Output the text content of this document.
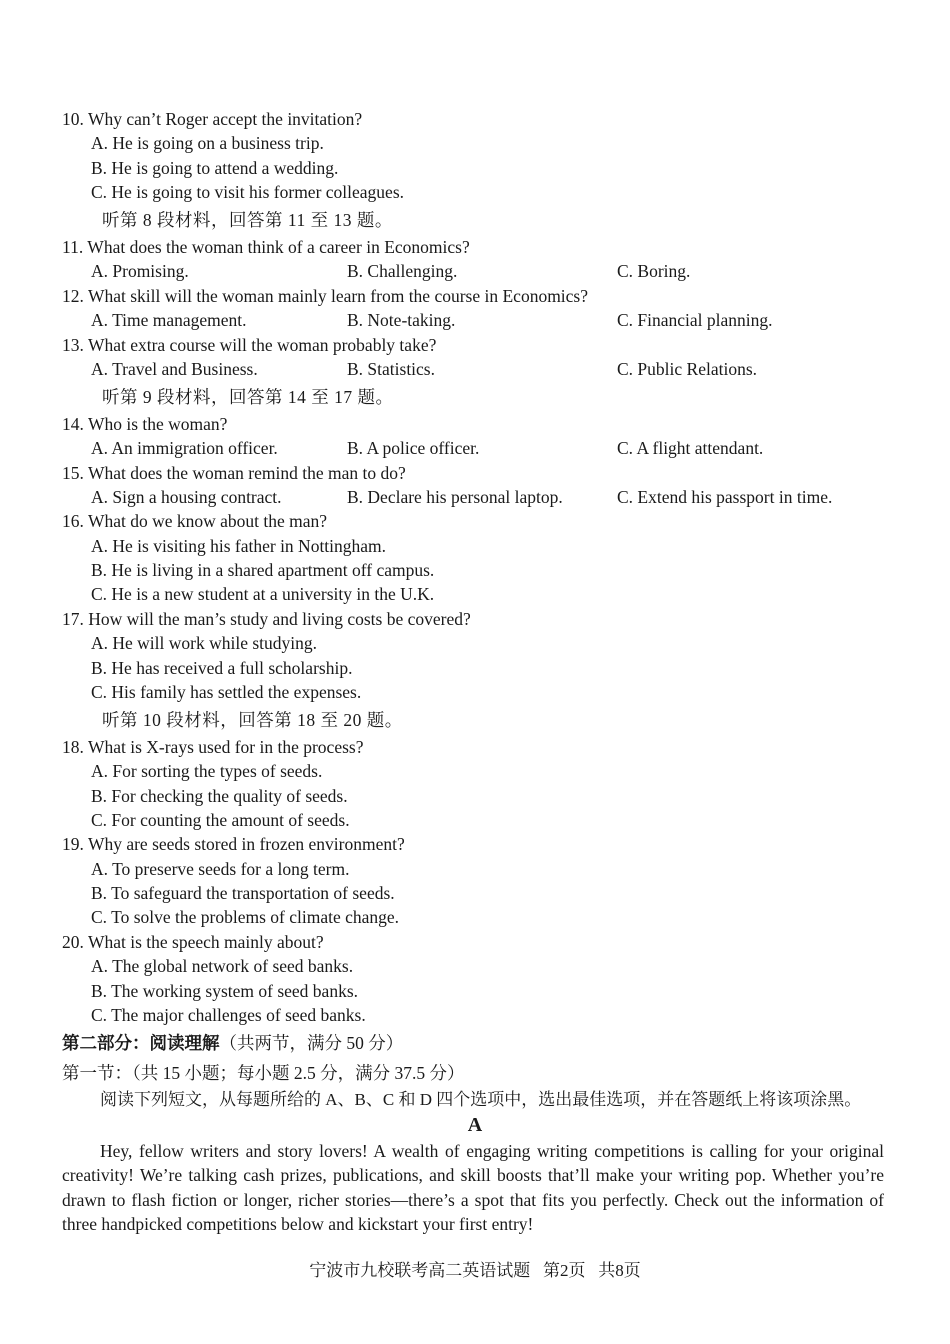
10. Why can’t Roger accept the invitation?
A. He is going on a business trip.
B. He is going to attend a wedding.
C. He is going to visit his former colleagues.
听第 8 段材料，回答第 11 至 13 题。
11. What does the woman think of a career in Economics?
A. Promising.	B. Challenging.	C. Boring.
12. What skill will the woman mainly learn from the course in Economics?
A. Time management.	B. Note-taking.	C. Financial planning.
13. What extra course will the woman probably take?
A. Travel and Business.	B. Statistics.	C. Public Relations.
听第 9 段材料，回答第 14 至 17 题。
14. Who is the woman?
A. An immigration officer.	B. A police officer.	C. A flight attendant.
15. What does the woman remind the man to do?
A. Sign a housing contract.	B. Declare his personal laptop.	C. Extend his passport in time.
16. What do we know about the man?
A. He is visiting his father in Nottingham.
B. He is living in a shared apartment off campus.
C. He is a new student at a university in the U.K.
17. How will the man’s study and living costs be covered?
A. He will work while studying.
B. He has received a full scholarship.
C. His family has settled the expenses.
听第 10 段材料，回答第 18 至 20 题。
18. What is X-rays used for in the process?
A. For sorting the types of seeds.
B. For checking the quality of seeds.
C. For counting the amount of seeds.
19. Why are seeds stored in frozen environment?
A. To preserve seeds for a long term.
B. To safeguard the transportation of seeds.
C. To solve the problems of climate change.
20. What is the speech mainly about?
A. The global network of seed banks.
B. The working system of seed banks.
C. The major challenges of seed banks.
第二部分：阅读理解（共两节，满分 50 分）
第一节：（共 15 小题；每小题 2.5 分，满分 37.5 分）
阅读下列短文，从每题所给的 A、B、C 和 D 四个选项中，选出最佳选项，并在答题纸上将该项涂黑。
A
Hey, fellow writers and story lovers! A wealth of engaging writing competitions is calling for your original creativity! We’re talking cash prizes, publications, and skill boosts that’ll make your writing pop. Whether you’re drawn to flash fiction or longer, richer stories—there’s a spot that fits you perfectly. Check out the information of three handpicked competitions below and kickstart your first entry!
宁波市九校联考高二英语试题   第2页   共8页
